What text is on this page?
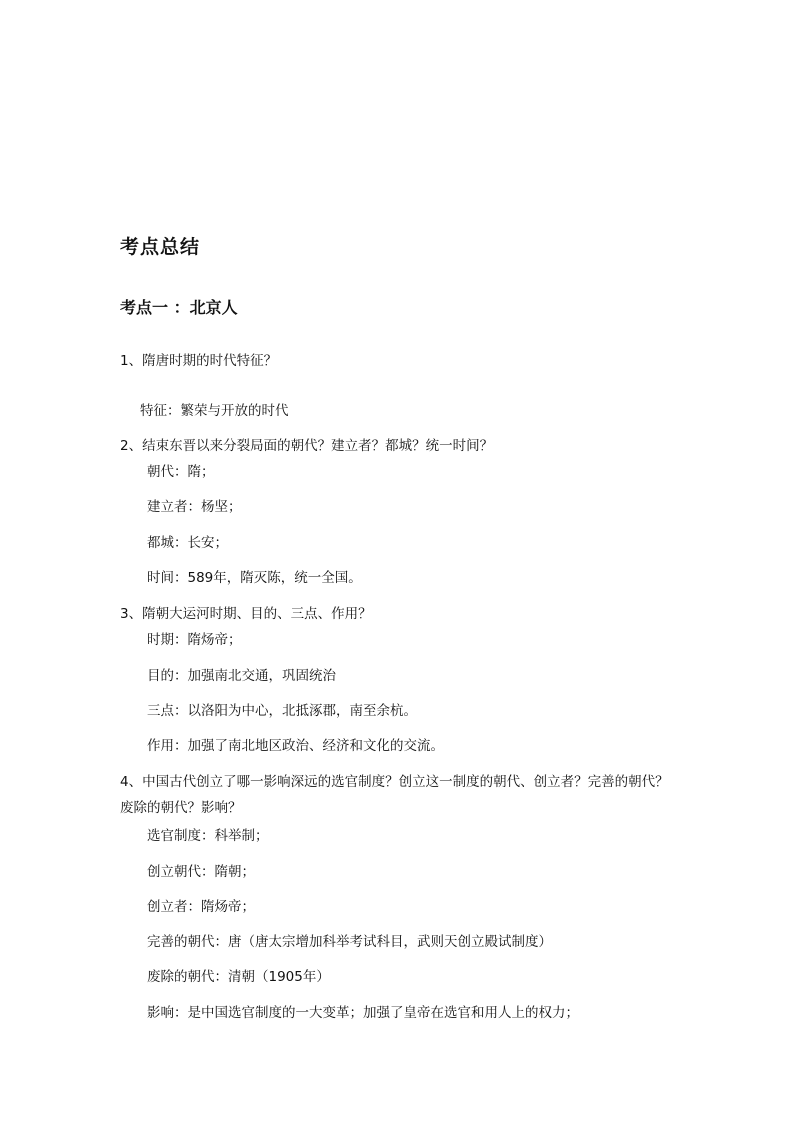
考点总结
考点一 ：北京人
1、隋唐时期的时代特征？
特征：繁荣与开放的时代
2、结束东晋以来分裂局面的朝代？建立者？都城？统一时间？
朝代：隋；
建立者：杨坚；
都城：长安；
时间：589年，隋灭陈，统一全国。
3、隋朝大运河时期、目的、三点、作用？
时期：隋炀帝；
目的：加强南北交通，巩固统治
三点：以洛阳为中心，北抵涿郡，南至余杭。
作用：加强了南北地区政治、经济和文化的交流。
4、中国古代创立了哪一影响深远的选官制度？创立这一制度的朝代、创立者？完善的朝代？
废除的朝代？影响？
选官制度：科举制；
创立朝代：隋朝；
创立者：隋炀帝；
完善的朝代：唐（唐太宗增加科举考试科目，武则天创立殿试制度）
废除的朝代：清朝（1905年）
影响：是中国选官制度的一大变革；加强了皇帝在选官和用人上的权力；
